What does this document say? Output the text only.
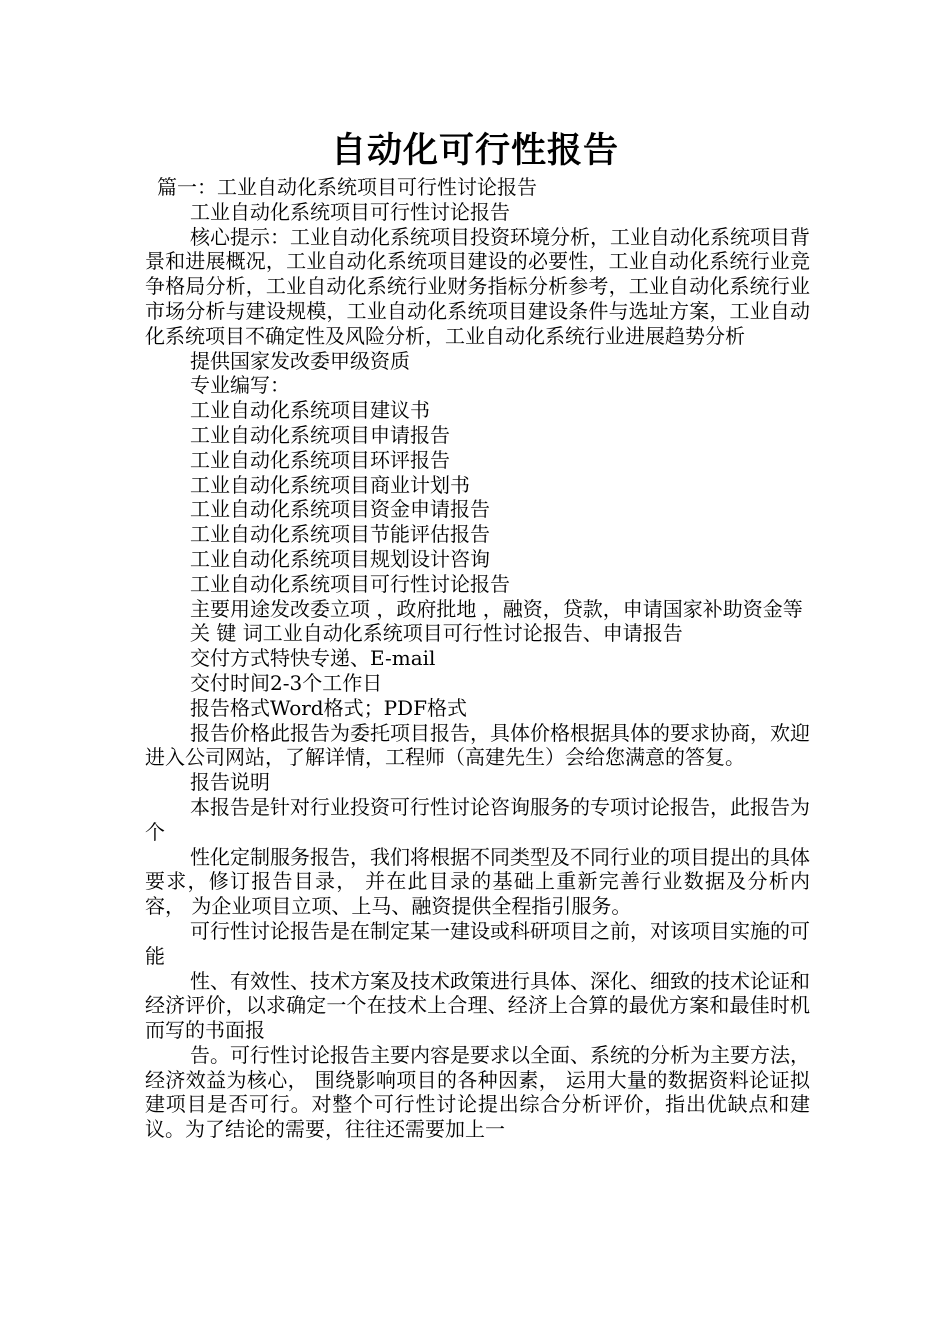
自动化可行性报告

篇一：工业自动化系统项目可行性讨论报告

工业自动化系统项目可行性讨论报告

核心提示：工业自动化系统项目投资环境分析，工业自动化系统项目背景和进展概况，工业自动化系统项目建设的必要性，工业自动化系统行业竞争格局分析，工业自动化系统行业财务指标分析参考，工业自动化系统行业市场分析与建设规模，工业自动化系统项目建设条件与选址方案，工业自动化系统项目不确定性及风险分析，工业自动化系统行业进展趋势分析

提供国家发改委甲级资质

专业编写：

工业自动化系统项目建议书

工业自动化系统项目申请报告

工业自动化系统项目环评报告

工业自动化系统项目商业计划书

工业自动化系统项目资金申请报告

工业自动化系统项目节能评估报告

工业自动化系统项目规划设计咨询

工业自动化系统项目可行性讨论报告

主要用途发改委立项 ，政府批地 ，融资，贷款，申请国家补助资金等

关 键 词工业自动化系统项目可行性讨论报告、申请报告

交付方式特快专递、E-mail

交付时间2-3个工作日

报告格式Word格式；PDF格式

报告价格此报告为委托项目报告，具体价格根据具体的要求协商，欢迎进入公司网站，了解详情，工程师（高建先生）会给您满意的答复。

报告说明

本报告是针对行业投资可行性讨论咨询服务的专项讨论报告，此报告为个

性化定制服务报告，我们将根据不同类型及不同行业的项目提出的具体要求，修订报告目录， 并在此目录的基础上重新完善行业数据及分析内容， 为企业项目立项、上马、融资提供全程指引服务。

可行性讨论报告是在制定某一建设或科研项目之前，对该项目实施的可能

性、有效性、技术方案及技术政策进行具体、深化、细致的技术论证和经济评价，以求确定一个在技术上合理、经济上合算的最优方案和最佳时机而写的书面报

告。可行性讨论报告主要内容是要求以全面、系统的分析为主要方法，经济效益为核心， 围绕影响项目的各种因素， 运用大量的数据资料论证拟建项目是否可行。对整个可行性讨论提出综合分析评价，指出优缺点和建议。为了结论的需要，往往还需要加上一
